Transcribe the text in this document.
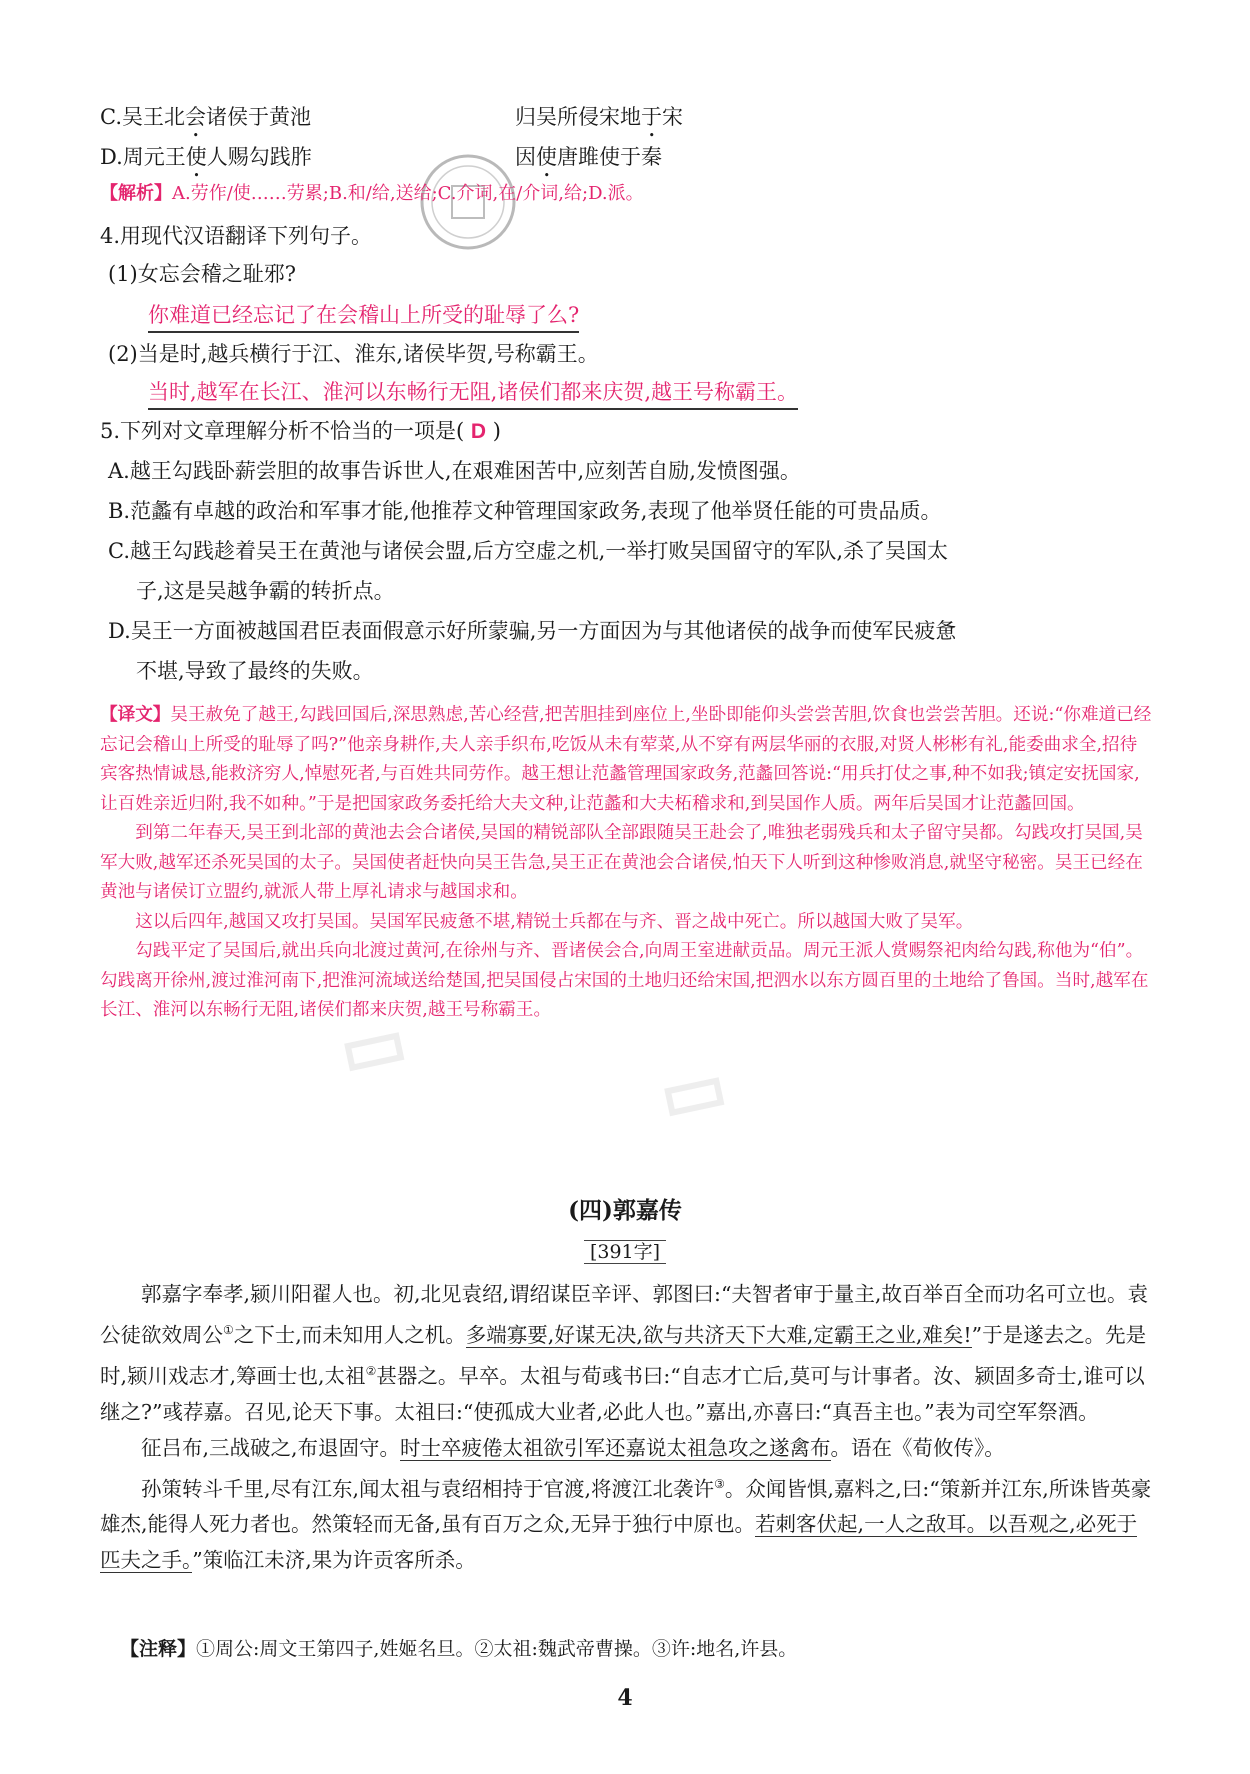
▭	▭
C.吴王北会诸侯于黄池	归吴所侵宋地于宋
D.周元王使人赐勾践胙	因使唐雎使于秦
【解析】A.劳作/使……劳累;B.和/给,送给;C.介词,在/介词,给;D.派。
4.用现代汉语翻译下列句子。
(1)女忘会稽之耻邪?
你难道已经忘记了在会稽山上所受的耻辱了么?
(2)当是时,越兵横行于江、淮东,诸侯毕贺,号称霸王。
当时,越军在长江、淮河以东畅行无阻,诸侯们都来庆贺,越王号称霸王。
5.下列对文章理解分析不恰当的一项是( D )
A.越王勾践卧薪尝胆的故事告诉世人,在艰难困苦中,应刻苦自励,发愤图强。
B.范蠡有卓越的政治和军事才能,他推荐文种管理国家政务,表现了他举贤任能的可贵品质。
C.越王勾践趁着吴王在黄池与诸侯会盟,后方空虚之机,一举打败吴国留守的军队,杀了吴国太
子,这是吴越争霸的转折点。
D.吴王一方面被越国君臣表面假意示好所蒙骗,另一方面因为与其他诸侯的战争而使军民疲惫
不堪,导致了最终的失败。

【译文】吴王赦免了越王,勾践回国后,深思熟虑,苦心经营,把苦胆挂到座位上,坐卧即能仰头尝尝苦胆,饮食也尝尝苦胆。还说:“你难道已经忘记会稽山上所受的耻辱了吗?”他亲身耕作,夫人亲手织布,吃饭从未有荤菜,从不穿有两层华丽的衣服,对贤人彬彬有礼,能委曲求全,招待宾客热情诚恳,能救济穷人,悼慰死者,与百姓共同劳作。越王想让范蠡管理国家政务,范蠡回答说:“用兵打仗之事,种不如我;镇定安抚国家,让百姓亲近归附,我不如种。”于是把国家政务委托给大夫文种,让范蠡和大夫柘稽求和,到吴国作人质。两年后吴国才让范蠡回国。

到第二年春天,吴王到北部的黄池去会合诸侯,吴国的精锐部队全部跟随吴王赴会了,唯独老弱残兵和太子留守吴都。勾践攻打吴国,吴军大败,越军还杀死吴国的太子。吴国使者赶快向吴王告急,吴王正在黄池会合诸侯,怕天下人听到这种惨败消息,就坚守秘密。吴王已经在黄池与诸侯订立盟约,就派人带上厚礼请求与越国求和。

这以后四年,越国又攻打吴国。吴国军民疲惫不堪,精锐士兵都在与齐、晋之战中死亡。所以越国大败了吴军。

勾践平定了吴国后,就出兵向北渡过黄河,在徐州与齐、晋诸侯会合,向周王室进献贡品。周元王派人赏赐祭祀肉给勾践,称他为“伯”。勾践离开徐州,渡过淮河南下,把淮河流域送给楚国,把吴国侵占宋国的土地归还给宋国,把泗水以东方圆百里的土地给了鲁国。当时,越军在长江、淮河以东畅行无阻,诸侯们都来庆贺,越王号称霸王。

(四)郭嘉传
[391字]

郭嘉字奉孝,颍川阳翟人也。初,北见袁绍,谓绍谋臣辛评、郭图曰:“夫智者审于量主,故百举百全而功名可立也。袁公徒欲效周公①之下士,而未知用人之机。多端寡要,好谋无决,欲与共济天下大难,定霸王之业,难矣!”于是遂去之。先是时,颍川戏志才,筹画士也,太祖②甚器之。早卒。太祖与荀彧书曰:“自志才亡后,莫可与计事者。汝、颍固多奇士,谁可以继之?”彧荐嘉。召见,论天下事。太祖曰:“使孤成大业者,必此人也。”嘉出,亦喜曰:“真吾主也。”表为司空军祭酒。

征吕布,三战破之,布退固守。时士卒疲倦太祖欲引军还嘉说太祖急攻之遂禽布。语在《荀攸传》。

孙策转斗千里,尽有江东,闻太祖与袁绍相持于官渡,将渡江北袭许③。众闻皆惧,嘉料之,曰:“策新并江东,所诛皆英豪雄杰,能得人死力者也。然策轻而无备,虽有百万之众,无异于独行中原也。若刺客伏起,一人之敌耳。以吾观之,必死于匹夫之手。”策临江未济,果为许贡客所杀。

【注释】①周公:周文王第四子,姓姬名旦。②太祖:魏武帝曹操。③许:地名,许县。
4
